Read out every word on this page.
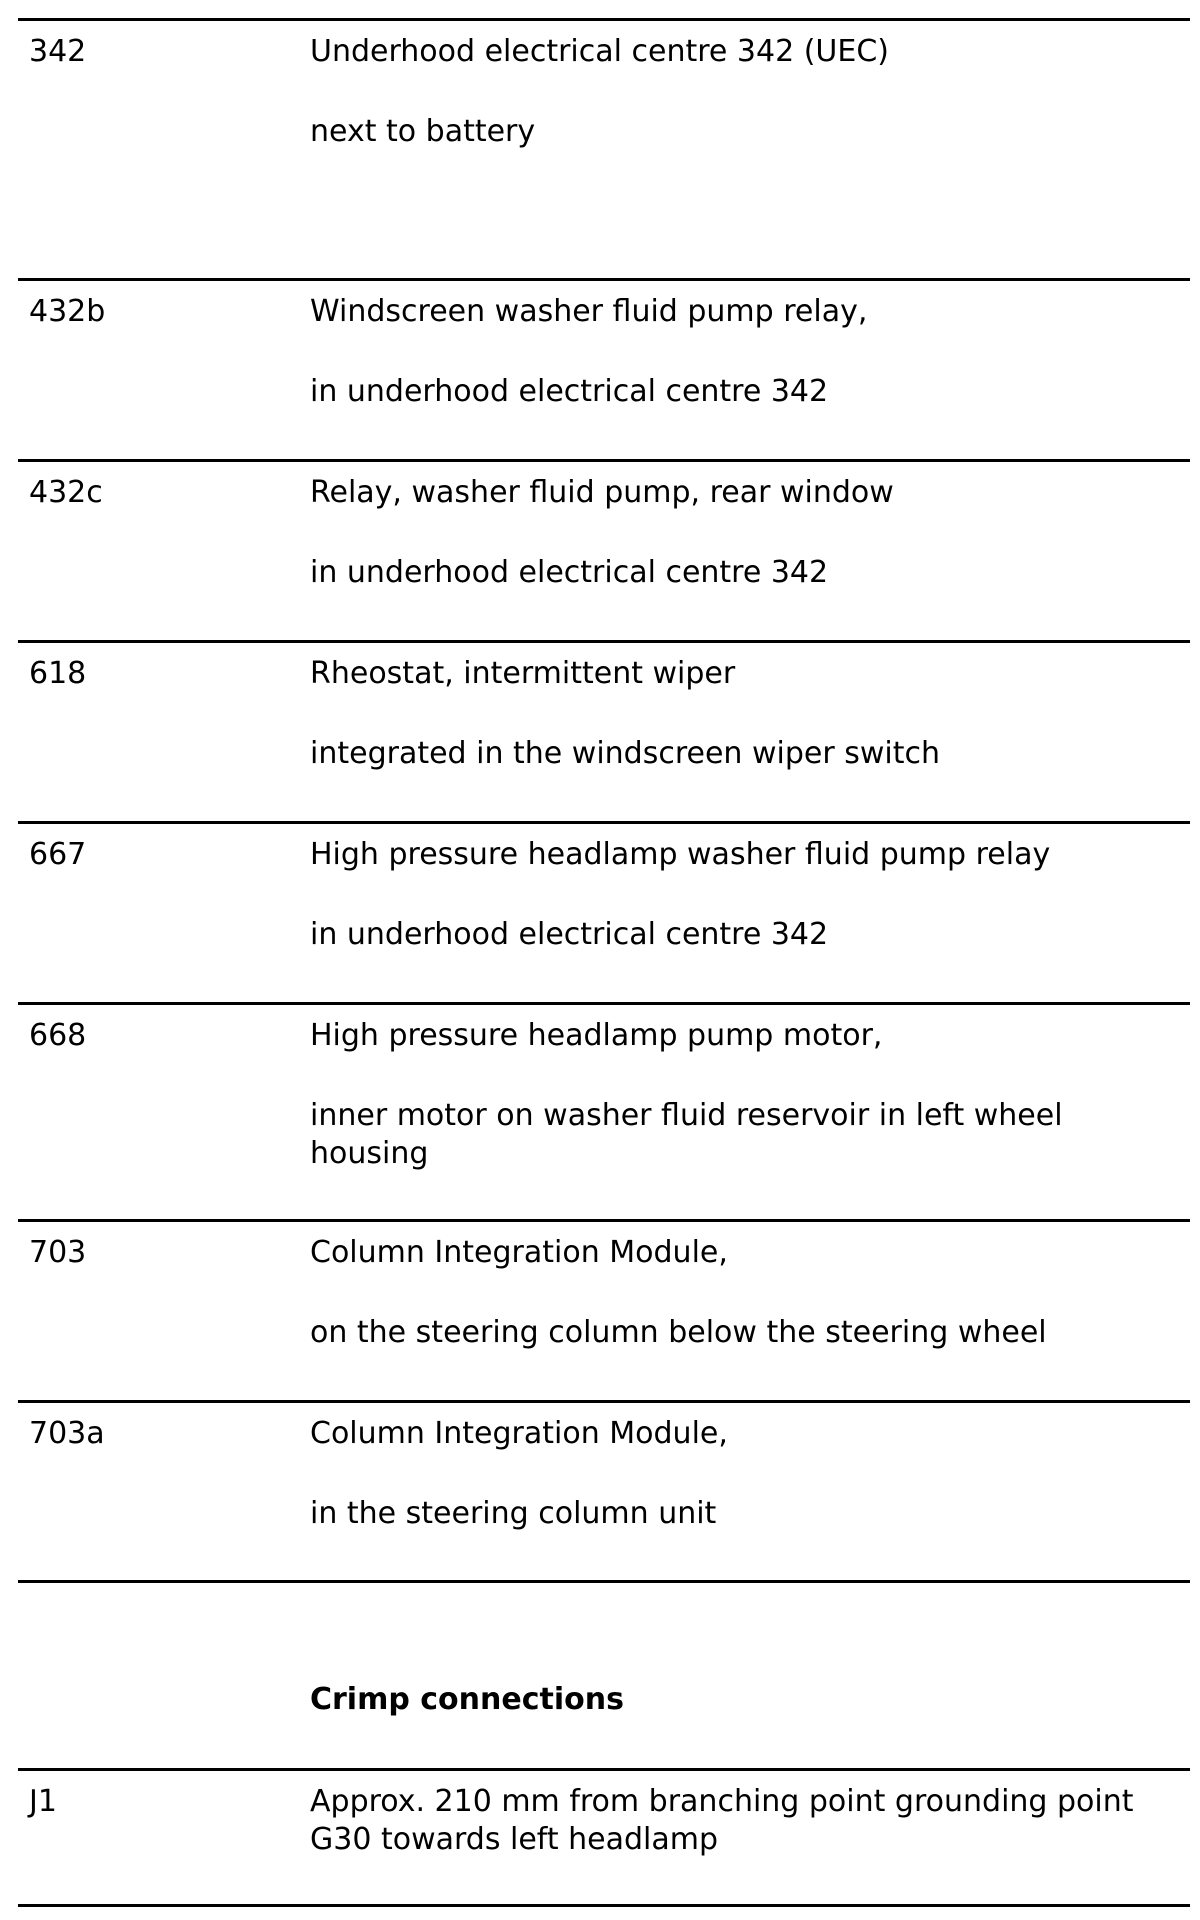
342	Underhood electrical centre 342 (UEC)
next to battery
432b	Windscreen washer fluid pump relay,
in underhood electrical centre 342
432c	Relay, washer fluid pump, rear window
in underhood electrical centre 342
618	Rheostat, intermittent wiper
integrated in the windscreen wiper switch
667	High pressure headlamp washer fluid pump relay
in underhood electrical centre 342
668	High pressure headlamp pump motor,
inner motor on washer fluid reservoir in left wheel housing
703	Column Integration Module,
on the steering column below the steering wheel
703a	Column Integration Module,
in the steering column unit
Crimp connections
J1	Approx. 210 mm from branching point grounding point G30 towards left headlamp
